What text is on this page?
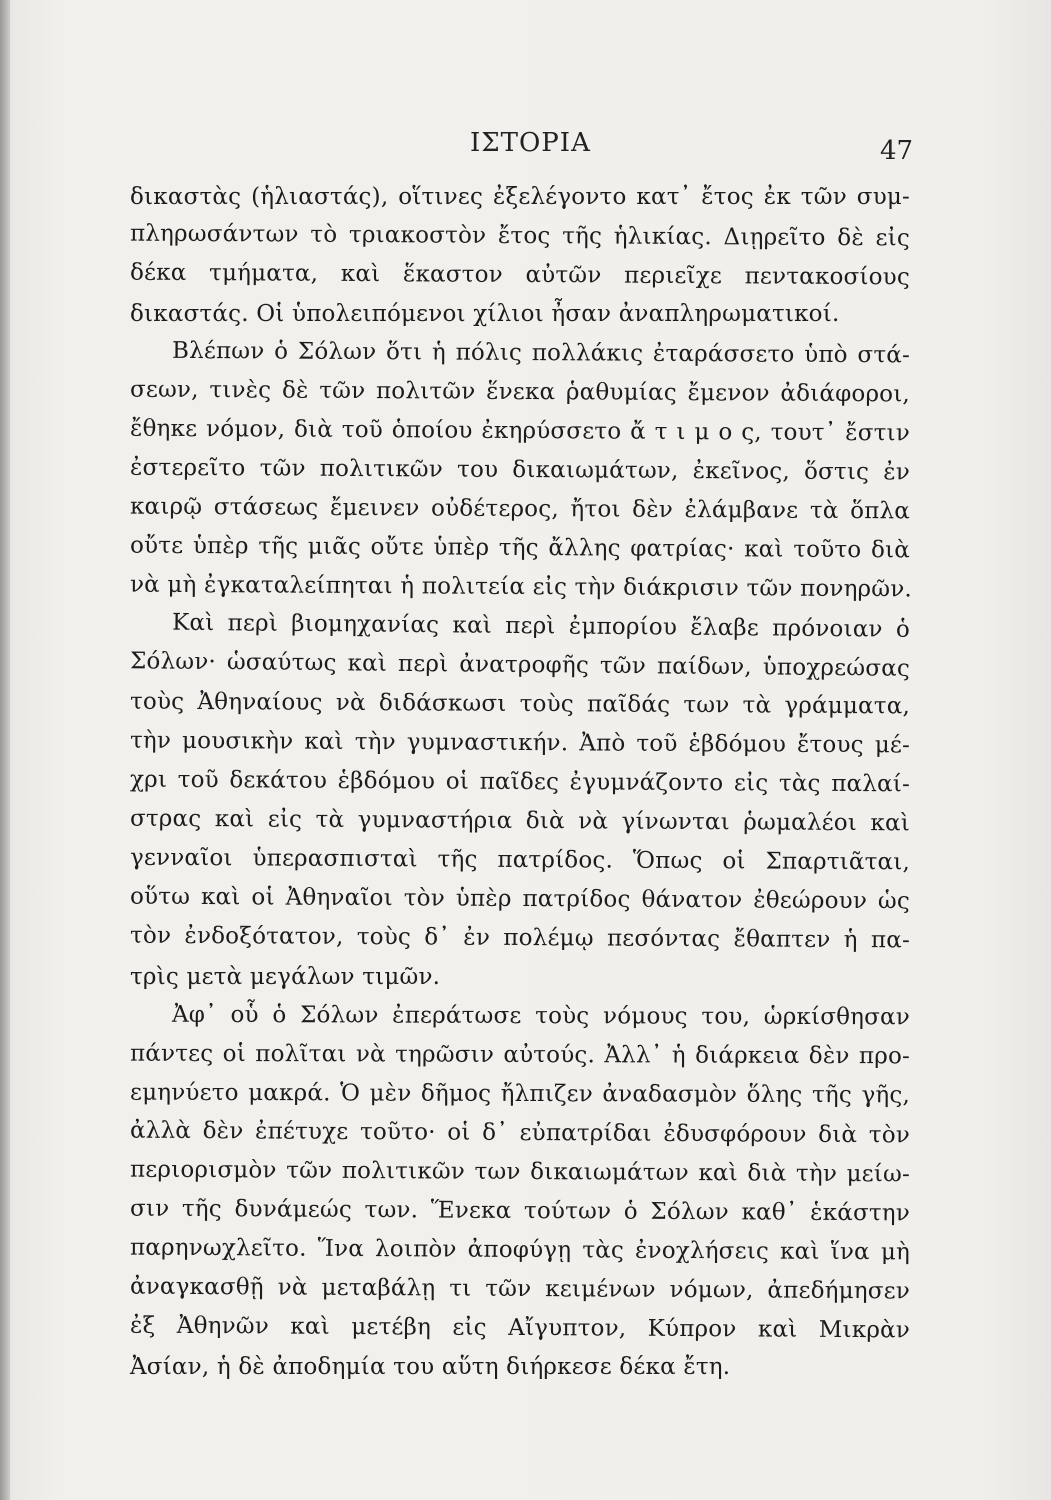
ΙΣΤΟΡΙΑ	47
δικαστὰς (ἡλιαστάς), οἵτινες ἐξελέγοντο κατ᾽ ἔτος ἐκ τῶν συμ-
πληρωσάντων τὸ τριακοστὸν ἔτος τῆς ἡλικίας. Διῃρεῖτο δὲ εἰς
δέκα τμήματα, καὶ ἕκαστον αὐτῶν περιεῖχε πεντακοσίους
δικαστάς. Οἱ ὑπολειπόμενοι χίλιοι ἦσαν ἀναπληρωματικοί.
Βλέπων ὁ Σόλων ὅτι ἡ πόλις πολλάκις ἐταράσσετο ὑπὸ στά-
σεων, τινὲς δὲ τῶν πολιτῶν ἕνεκα ῥαθυμίας ἔμενον ἀδιάφοροι,
ἔθηκε νόμον, διὰ τοῦ ὁποίου ἐκηρύσσετο ἄ τ ι μ ο ς, τουτ᾽ ἔστιν
ἐστερεῖτο τῶν πολιτικῶν του δικαιωμάτων, ἐκεῖνος, ὅστις ἐν
καιρῷ στάσεως ἔμεινεν οὐδέτερος, ἤτοι δὲν ἐλάμβανε τὰ ὅπλα
οὔτε ὑπὲρ τῆς μιᾶς οὔτε ὑπὲρ τῆς ἄλλης φατρίας· καὶ τοῦτο διὰ
νὰ μὴ ἐγκαταλείπηται ἡ πολιτεία εἰς τὴν διάκρισιν τῶν πονηρῶν.
Καὶ περὶ βιομηχανίας καὶ περὶ ἐμπορίου ἔλαβε πρόνοιαν ὁ
Σόλων· ὡσαύτως καὶ περὶ ἀνατροφῆς τῶν παίδων, ὑποχρεώσας
τοὺς Ἀθηναίους νὰ διδάσκωσι τοὺς παῖδάς των τὰ γράμματα,
τὴν μουσικὴν καὶ τὴν γυμναστικήν. Ἀπὸ τοῦ ἑβδόμου ἔτους μέ-
χρι τοῦ δεκάτου ἑβδόμου οἱ παῖδες ἐγυμνάζοντο εἰς τὰς παλαί-
στρας καὶ εἰς τὰ γυμναστήρια διὰ νὰ γίνωνται ῥωμαλέοι καὶ
γενναῖοι ὑπερασπισταὶ τῆς πατρίδος. Ὅπως οἱ Σπαρτιᾶται,
οὕτω καὶ οἱ Ἀθηναῖοι τὸν ὑπὲρ πατρίδος θάνατον ἐθεώρουν ὡς
τὸν ἐνδοξότατον, τοὺς δ᾽ ἐν πολέμῳ πεσόντας ἔθαπτεν ἡ πα-
τρὶς μετὰ μεγάλων τιμῶν.
Ἀφ᾽ οὗ ὁ Σόλων ἐπεράτωσε τοὺς νόμους του, ὡρκίσθησαν
πάντες οἱ πολῖται νὰ τηρῶσιν αὐτούς. Ἀλλ᾽ ἡ διάρκεια δὲν προ-
εμηνύετο μακρά. Ὁ μὲν δῆμος ἤλπιζεν ἀναδασμὸν ὅλης τῆς γῆς,
ἀλλὰ δὲν ἐπέτυχε τοῦτο· οἱ δ᾽ εὐπατρίδαι ἐδυσφόρουν διὰ τὸν
περιορισμὸν τῶν πολιτικῶν των δικαιωμάτων καὶ διὰ τὴν μείω-
σιν τῆς δυνάμεώς των. Ἕνεκα τούτων ὁ Σόλων καθ᾽ ἑκάστην
παρηνωχλεῖτο. Ἵνα λοιπὸν ἀποφύγῃ τὰς ἐνοχλήσεις καὶ ἵνα μὴ
ἀναγκασθῇ νὰ μεταβάλῃ τι τῶν κειμένων νόμων, ἀπεδήμησεν
ἐξ Ἀθηνῶν καὶ μετέβη εἰς Αἴγυπτον, Κύπρον καὶ Μικρὰν
Ἀσίαν, ἡ δὲ ἀποδημία του αὕτη διήρκεσε δέκα ἔτη.
